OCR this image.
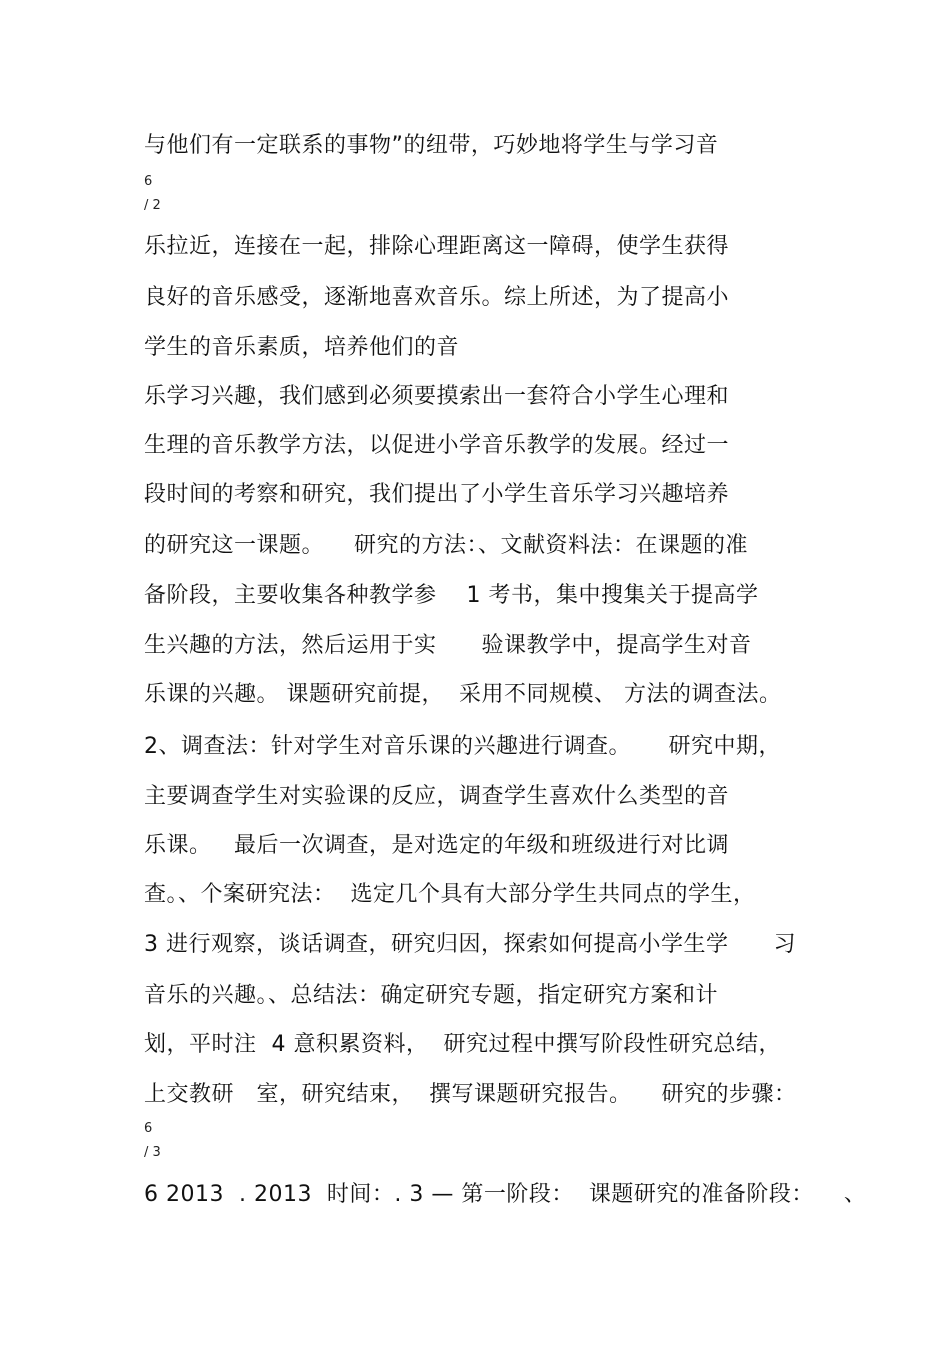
与他们有一定联系的事物”的纽带，巧妙地将学生与学习音
6
/ 2
乐拉近，连接在一起，排除心理距离这一障碍，使学生获得
良好的音乐感受，逐渐地喜欢音乐。综上所述，为了提高小
学生的音乐素质，培养他们的音
乐学习兴趣，我们感到必须要摸索出一套符合小学生心理和
生理的音乐教学方法，以促进小学音乐教学的发展。经过一
段时间的考察和研究，我们提出了小学生音乐学习兴趣培养
的研究这一课题。    研究的方法：、文献资料法：在课题的准
备阶段，主要收集各种教学参    1 考书，集中搜集关于提高学
生兴趣的方法，然后运用于实      验课教学中，提高学生对音
乐课的兴趣。 课题研究前提，  采用不同规模、 方法的调查法。
2、调查法：针对学生对音乐课的兴趣进行调查。     研究中期，
主要调查学生对实验课的反应，调查学生喜欢什么类型的音
乐课。   最后一次调查，是对选定的年级和班级进行对比调
查。、个案研究法：  选定几个具有大部分学生共同点的学生，
3 进行观察，谈话调查，研究归因，探索如何提高小学生学      习
音乐的兴趣。、总结法：确定研究专题，指定研究方案和计
划，平时注  4 意积累资料，  研究过程中撰写阶段性研究总结，
上交教研   室，研究结束，  撰写课题研究报告。    研究的步骤：
6
/ 3
6 2013  . 2013  时间：. 3 — 第一阶段：  课题研究的准备阶段：    、
